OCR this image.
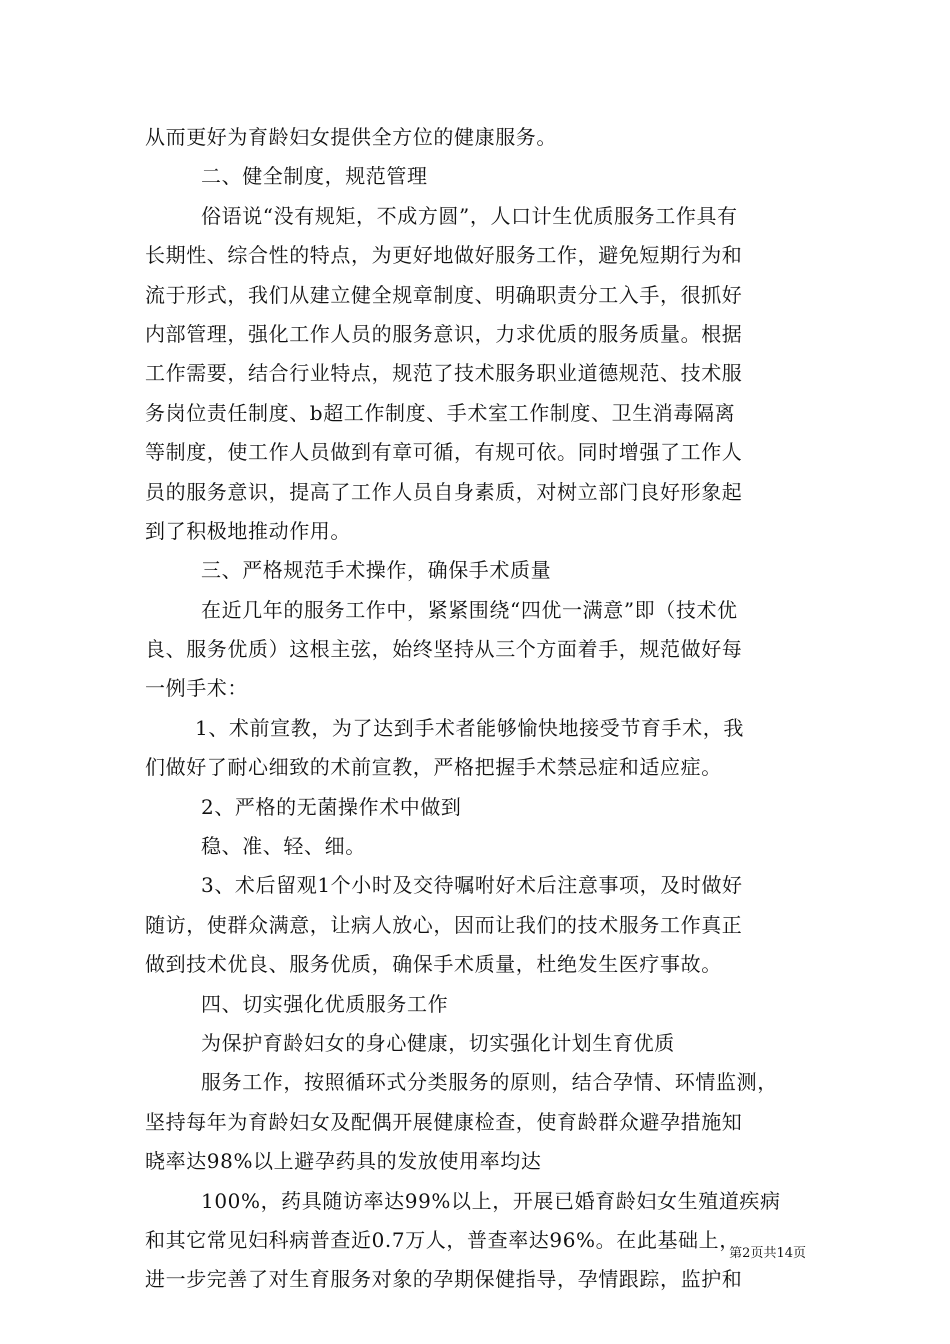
从而更好为育龄妇女提供全方位的健康服务。
二、健全制度，规范管理
俗语说“没有规矩，不成方圆”，人口计生优质服务工作具有
长期性、综合性的特点，为更好地做好服务工作，避免短期行为和
流于形式，我们从建立健全规章制度、明确职责分工入手，很抓好
内部管理，强化工作人员的服务意识，力求优质的服务质量。根据
工作需要，结合行业特点，规范了技术服务职业道德规范、技术服
务岗位责任制度、b超工作制度、手术室工作制度、卫生消毒隔离
等制度，使工作人员做到有章可循，有规可依。同时增强了工作人
员的服务意识，提高了工作人员自身素质，对树立部门良好形象起
到了积极地推动作用。
三、严格规范手术操作，确保手术质量
在近几年的服务工作中，紧紧围绕“四优一满意”即（技术优
良、服务优质）这根主弦，始终坚持从三个方面着手，规范做好每
一例手术：
1、术前宣教，为了达到手术者能够愉快地接受节育手术，我
们做好了耐心细致的术前宣教，严格把握手术禁忌症和适应症。
2、严格的无菌操作术中做到
稳、准、轻、细。
3、术后留观1个小时及交待嘱咐好术后注意事项，及时做好
随访，使群众满意，让病人放心，因而让我们的技术服务工作真正
做到技术优良、服务优质，确保手术质量，杜绝发生医疗事故。
四、切实强化优质服务工作
为保护育龄妇女的身心健康，切实强化计划生育优质
服务工作，按照循环式分类服务的原则，结合孕情、环情监测，
坚持每年为育龄妇女及配偶开展健康检查，使育龄群众避孕措施知
晓率达98%以上避孕药具的发放使用率均达
100%，药具随访率达99%以上，开展已婚育龄妇女生殖道疾病
和其它常见妇科病普查近0.7万人，普查率达96%。在此基础上，
进一步完善了对生育服务对象的孕期保健指导，孕情跟踪，监护和
第2页共14页
